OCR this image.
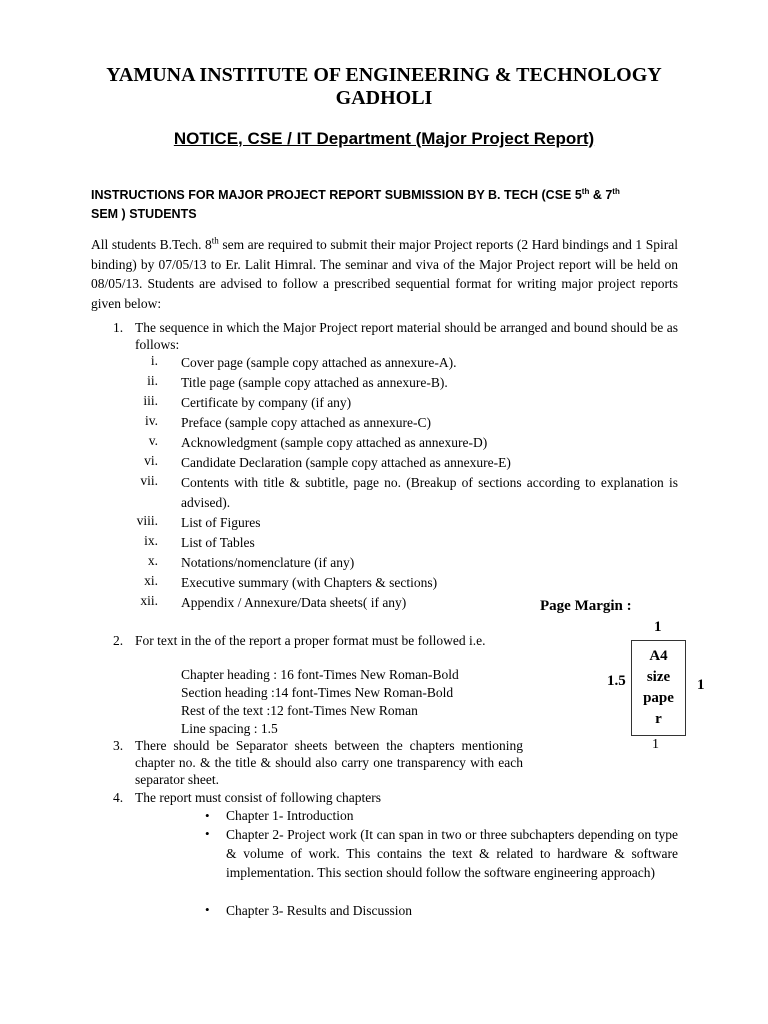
YAMUNA INSTITUTE OF ENGINEERING & TECHNOLOGY
GADHOLI
NOTICE, CSE / IT Department (Major Project Report)
INSTRUCTIONS FOR MAJOR PROJECT REPORT SUBMISSION BY B. TECH (CSE 5th & 7th
SEM ) STUDENTS
All students B.Tech. 8th sem are required to submit their major Project reports (2 Hard bindings and 1 Spiral binding) by 07/05/13 to Er. Lalit Himral. The seminar and viva of the Major Project report will be held on 08/05/13. Students are advised to follow a prescribed sequential format for writing major project reports given below:
1. The sequence in which the Major Project report material should be arranged and bound should be as follows:
i. Cover page (sample copy attached as annexure-A).
ii. Title page (sample copy attached as annexure-B).
iii. Certificate by company (if any)
iv. Preface (sample copy attached as annexure-C)
v. Acknowledgment (sample copy attached as annexure-D)
vi. Candidate Declaration (sample copy attached as annexure-E)
vii. Contents with title & subtitle, page no. (Breakup of sections according to explanation is advised).
viii. List of Figures
ix. List of Tables
x. Notations/nomenclature (if any)
xi. Executive summary (with Chapters & sections)
xii. Appendix / Annexure/Data sheets( if any)
2. For text in the of the report a proper format must be followed i.e.
Chapter heading : 16 font-Times New Roman-Bold
Section heading :14 font-Times New Roman-Bold
Rest of the text :12 font-Times New Roman
Line spacing : 1.5
3. There should be Separator sheets between the chapters mentioning chapter no. & the title & should also carry one transparency with each separator sheet.
4. The report must consist of following chapters
• Chapter 1- Introduction
• Chapter 2- Project work (It can span in two or three subchapters depending on type & volume of work. This contains the text & related to hardware & software implementation. This section should follow the software engineering approach)
• Chapter 3- Results and Discussion
Page Margin :
1
1.5	1
A4
size
pape
r
1
